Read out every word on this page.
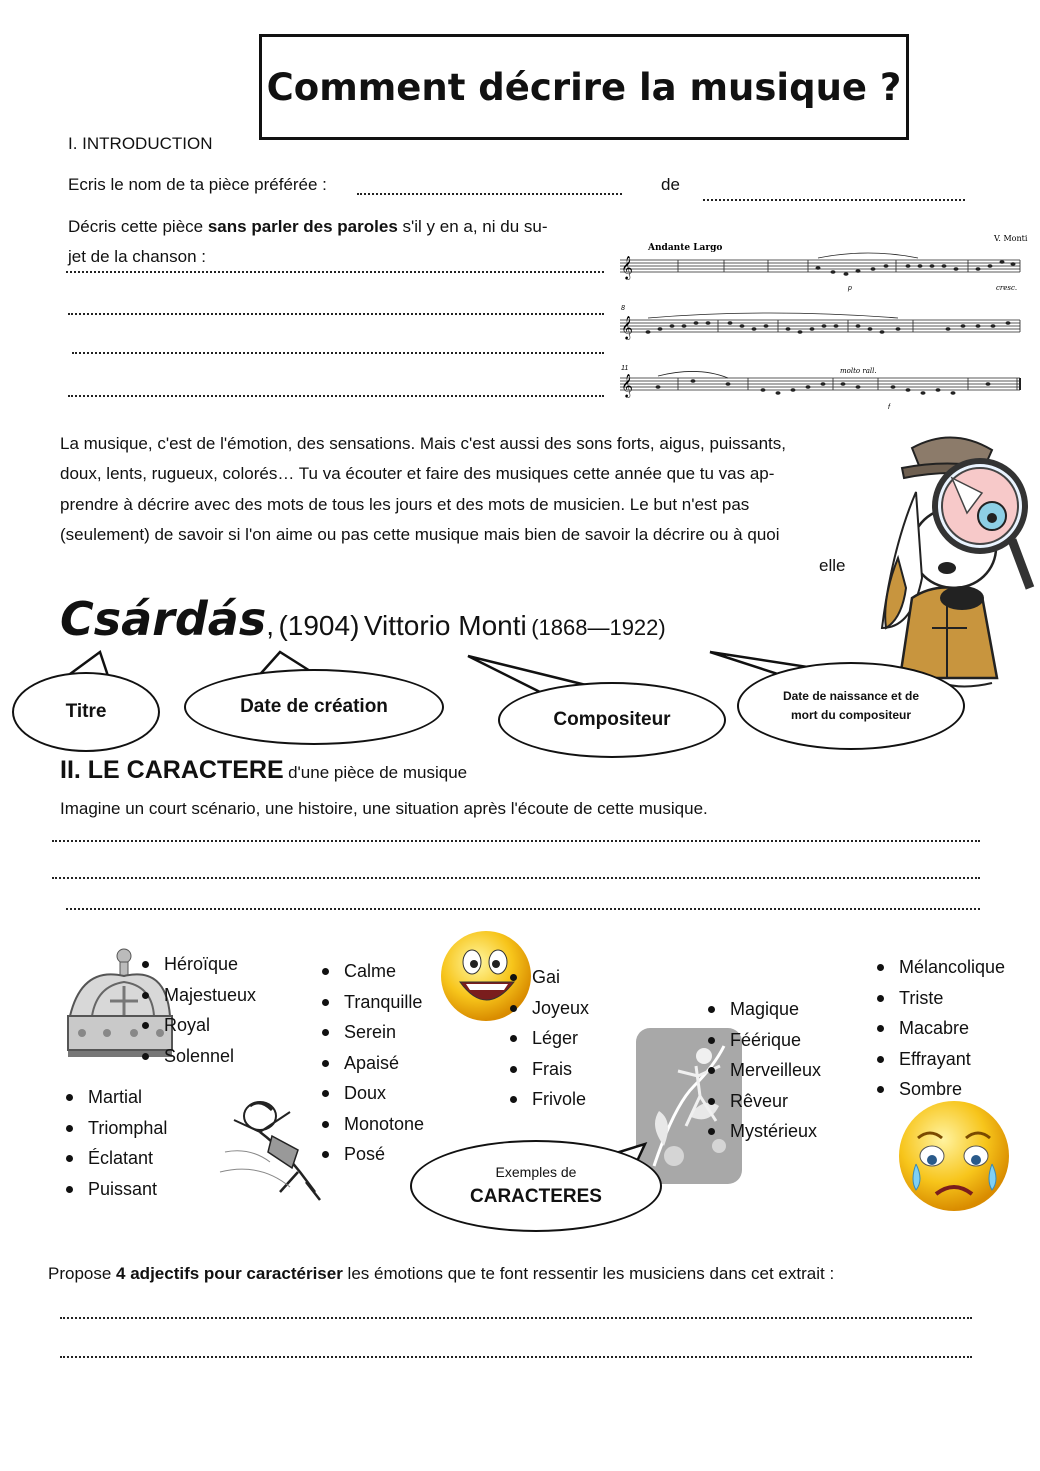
Comment décrire la musique ?
I. INTRODUCTION
Ecris le nom de ta pièce préférée :	de
Décris cette pièce sans parler des paroles s'il y en a, ni du su-
jet de la chanson :	Andante Largo
V. Monti
𝄞
𝄞
𝄞
p	cresc.
8
11	molto rall.
f
La musique, c'est de l'émotion, des sensations. Mais c'est aussi des sons forts, aigus, puissants,
doux, lents, rugueux, colorés… Tu va écouter et faire des musiques cette année que tu vas ap-
prendre à décrire avec des mots de tous les jours et des mots de musicien. Le but n'est pas
(seulement) de savoir si l'on aime ou pas cette musique mais bien de savoir la décrire ou à quoi
elle
Csárdás, (1904) Vittorio Monti (1868—1922)
Titre	Date de création
Compositeur
Date de naissance et de mort du compositeur
II. LE CARACTERE d'une pièce de musique
Imagine un court scénario, une histoire, une situation après l'écoute de cette musique.
Héroïque
Majestueux
Royal
Solennel
Martial
Triomphal
Éclatant
Puissant
Calme
Tranquille
Serein
Apaisé
Doux
Monotone
Posé
Gai
Joyeux
Léger
Frais
Frivole
Magique
Féérique
Merveilleux
Rêveur
Mystérieux
Mélancolique
Triste
Macabre
Effrayant
Sombre
Exemples de
CARACTERES
Propose 4 adjectifs pour caractériser les émotions que te font ressentir les musiciens dans cet extrait :
